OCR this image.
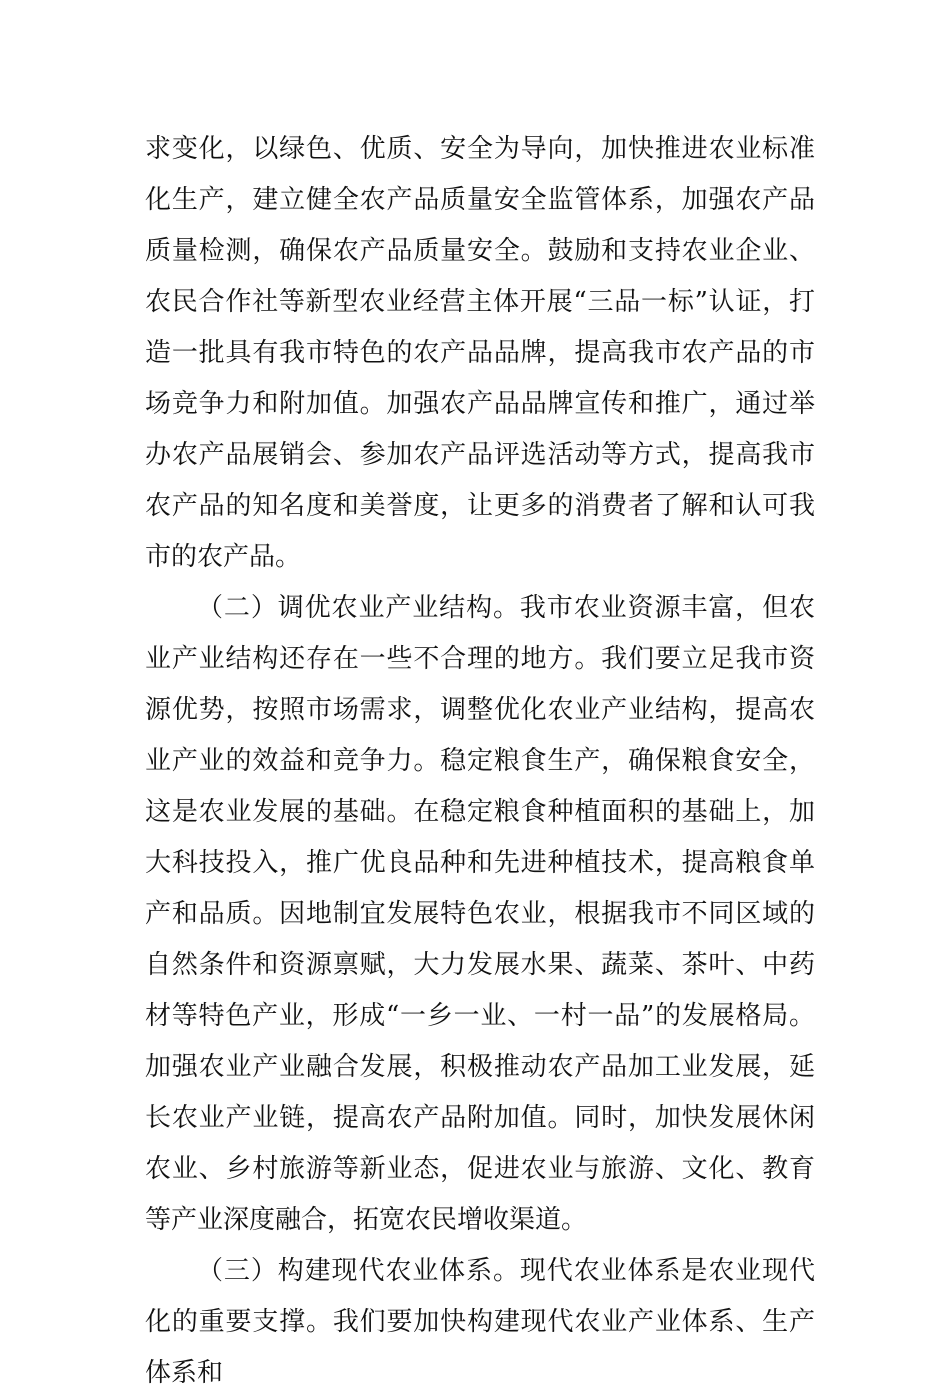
求变化，以绿色、优质、安全为导向，加快推进农业标准化生产，建立健全农产品质量安全监管体系，加强农产品质量检测，确保农产品质量安全。鼓励和支持农业企业、农民合作社等新型农业经营主体开展“三品一标”认证，打造一批具有我市特色的农产品品牌，提高我市农产品的市场竞争力和附加值。加强农产品品牌宣传和推广，通过举办农产品展销会、参加农产品评选活动等方式，提高我市农产品的知名度和美誉度，让更多的消费者了解和认可我市的农产品。

（二）调优农业产业结构。我市农业资源丰富，但农业产业结构还存在一些不合理的地方。我们要立足我市资源优势，按照市场需求，调整优化农业产业结构，提高农业产业的效益和竞争力。稳定粮食生产，确保粮食安全，这是农业发展的基础。在稳定粮食种植面积的基础上，加大科技投入，推广优良品种和先进种植技术，提高粮食单产和品质。因地制宜发展特色农业，根据我市不同区域的自然条件和资源禀赋，大力发展水果、蔬菜、茶叶、中药材等特色产业，形成“一乡一业、一村一品”的发展格局。加强农业产业融合发展，积极推动农产品加工业发展，延长农业产业链，提高农产品附加值。同时，加快发展休闲农业、乡村旅游等新业态，促进农业与旅游、文化、教育等产业深度融合，拓宽农民增收渠道。

（三）构建现代农业体系。现代农业体系是农业现代化的重要支撑。我们要加快构建现代农业产业体系、生产体系和
